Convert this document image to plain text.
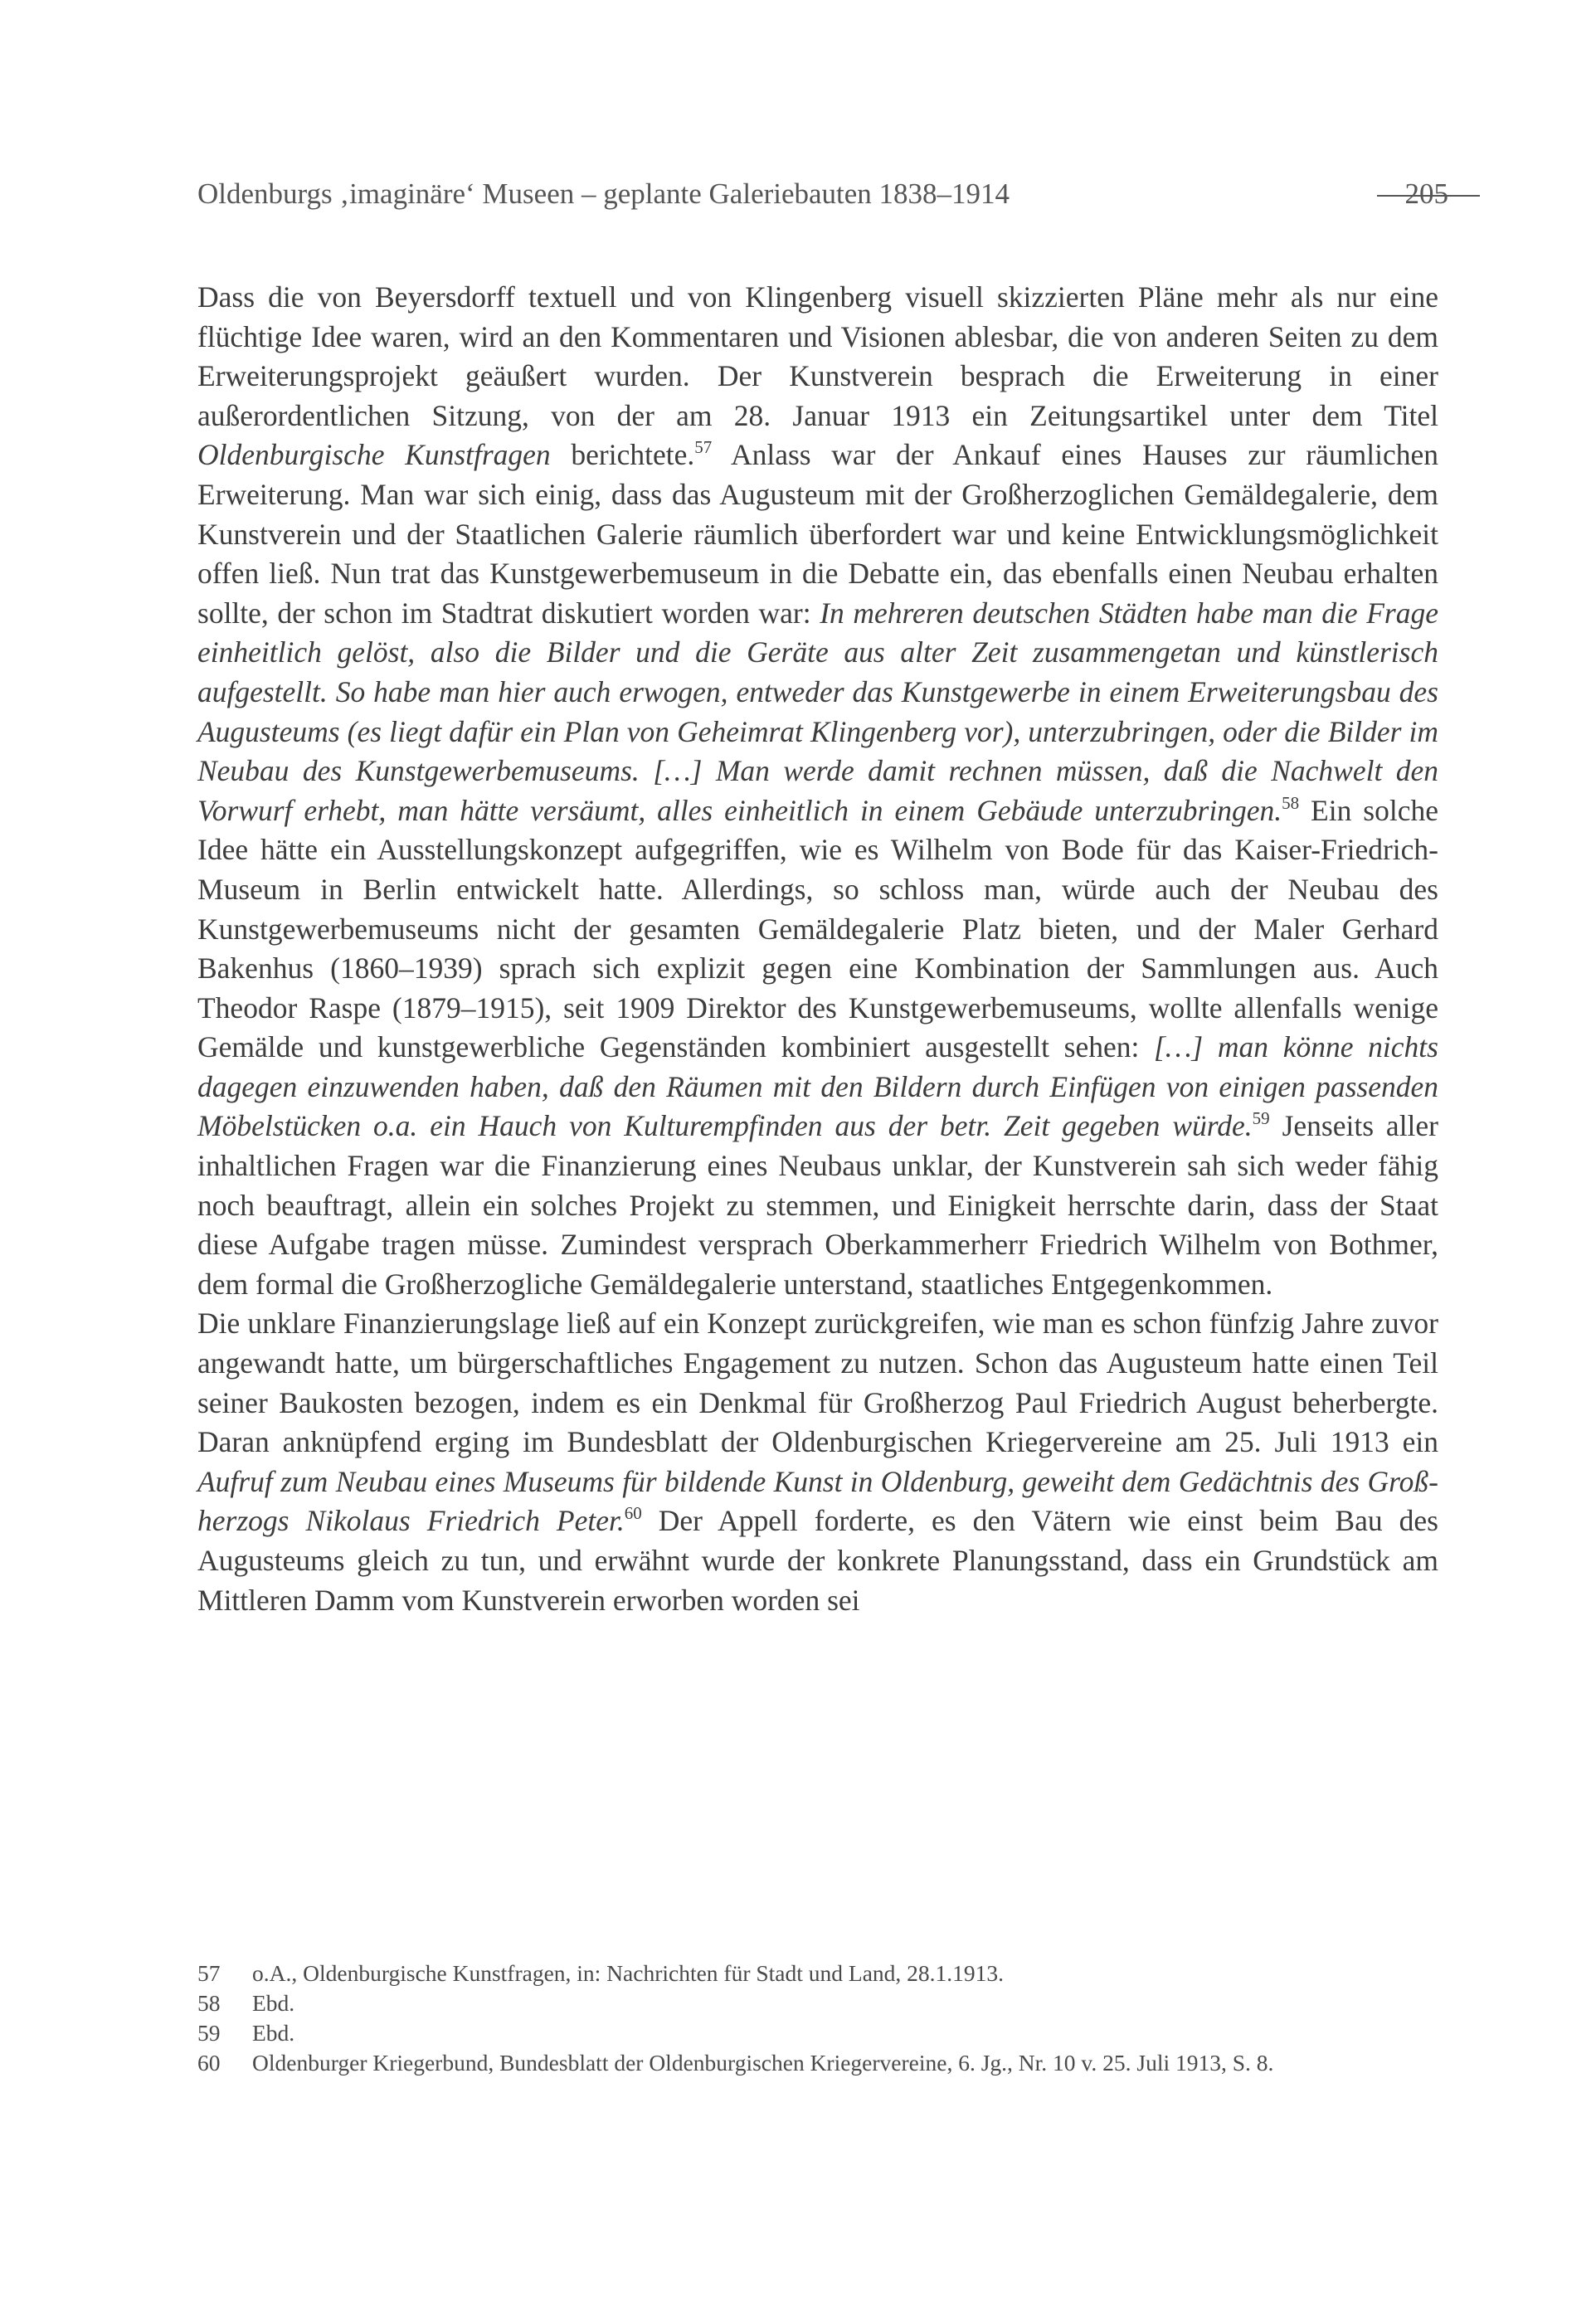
Oldenburgs ‚imaginäre‘ Museen – geplante Galeriebauten 1838–1914	205

Dass die von Beyersdorff textuell und von Klingenberg visuell skizzierten Pläne mehr als nur eine flüchtige Idee waren, wird an den Kommentaren und Visionen ablesbar, die von anderen Seiten zu dem Erweiterungsprojekt geäußert wurden. Der Kunstverein besprach die Erweiterung in einer außerordentlichen Sitzung, von der am 28. Januar 1913 ein Zeitungsartikel unter dem Titel Oldenburgische Kunstfragen berichtete.$^{57}$ Anlass war der Ankauf eines Hauses zur räumlichen Erweiterung. Man war sich einig, dass das Augusteum mit der Großherzoglichen Gemäldegalerie, dem Kunstverein und der Staatlichen Galerie räumlich überfordert war und keine Entwicklungsmöglichkeit offen ließ. Nun trat das Kunstgewerbemuseum in die Debatte ein, das ebenfalls einen Neubau erhalten sollte, der schon im Stadtrat diskutiert worden war: In mehreren deutschen Städten habe man die Frage einheitlich gelöst, also die Bilder und die Geräte aus alter Zeit zusammengetan und künstlerisch aufgestellt. So habe man hier auch erwogen, entweder das Kunstgewerbe in einem Erweiterungsbau des Augusteums (es liegt dafür ein Plan von Geheimrat Klingenberg vor), unterzubringen, oder die Bilder im Neubau des Kunstgewerbemuseums. […] Man werde damit rechnen müssen, daß die Nachwelt den Vorwurf erhebt, man hätte versäumt, alles einheitlich in einem Gebäude unterzubringen.$^{58}$ Ein solche Idee hätte ein Ausstellungskonzept aufgegriffen, wie es Wilhelm von Bode für das Kaiser-Friedrich-Museum in Berlin entwickelt hatte. Allerdings, so schloss man, würde auch der Neubau des Kunstgewerbemuseums nicht der gesamten Gemäldegalerie Platz bieten, und der Maler Gerhard Bakenhus (1860–1939) sprach sich explizit gegen eine Kombination der Sammlungen aus. Auch Theodor Raspe (1879–1915), seit 1909 Direktor des Kunstgewerbemuseums, wollte allenfalls wenige Gemälde und kunstgewerbliche Gegenständen kombiniert ausgestellt sehen: […] man könne nichts dagegen einzuwenden haben, daß den Räumen mit den Bildern durch Einfügen von einigen passenden Möbelstücken o.a. ein Hauch von Kulturempfinden aus der betr. Zeit gegeben würde.$^{59}$ Jenseits aller inhaltlichen Fragen war die Finanzierung eines Neubaus unklar, der Kunstverein sah sich weder fähig noch beauftragt, allein ein solches Projekt zu stemmen, und Einigkeit herrschte darin, dass der Staat diese Aufgabe tragen müsse. Zumindest versprach Oberkammerherr Friedrich Wilhelm von Bothmer, dem formal die Großherzogliche Gemäldegalerie unterstand, staatliches Entgegenkommen.

Die unklare Finanzierungslage ließ auf ein Konzept zurückgreifen, wie man es schon fünfzig Jahre zuvor angewandt hatte, um bürgerschaftliches Engagement zu nutzen. Schon das Augusteum hatte einen Teil seiner Baukosten bezogen, indem es ein Denkmal für Großherzog Paul Friedrich August beherbergte. Daran anknüpfend erging im Bundesblatt der Oldenburgischen Kriegervereine am 25. Juli 1913 ein Aufruf zum Neubau eines Museums für bildende Kunst in Oldenburg, geweiht dem Gedächtnis des Großherzogs Nikolaus Friedrich Peter.$^{60}$ Der Appell forderte, es den Vätern wie einst beim Bau des Augusteums gleich zu tun, und erwähnt wurde der konkrete Planungsstand, dass ein Grundstück am Mittleren Damm vom Kunstverein erworben worden sei

57 o.A., Oldenburgische Kunstfragen, in: Nachrichten für Stadt und Land, 28.1.1913.
58 Ebd.
59 Ebd.
60 Oldenburger Kriegerbund, Bundesblatt der Oldenburgischen Kriegervereine, 6. Jg., Nr. 10 v. 25. Juli 1913, S. 8.
